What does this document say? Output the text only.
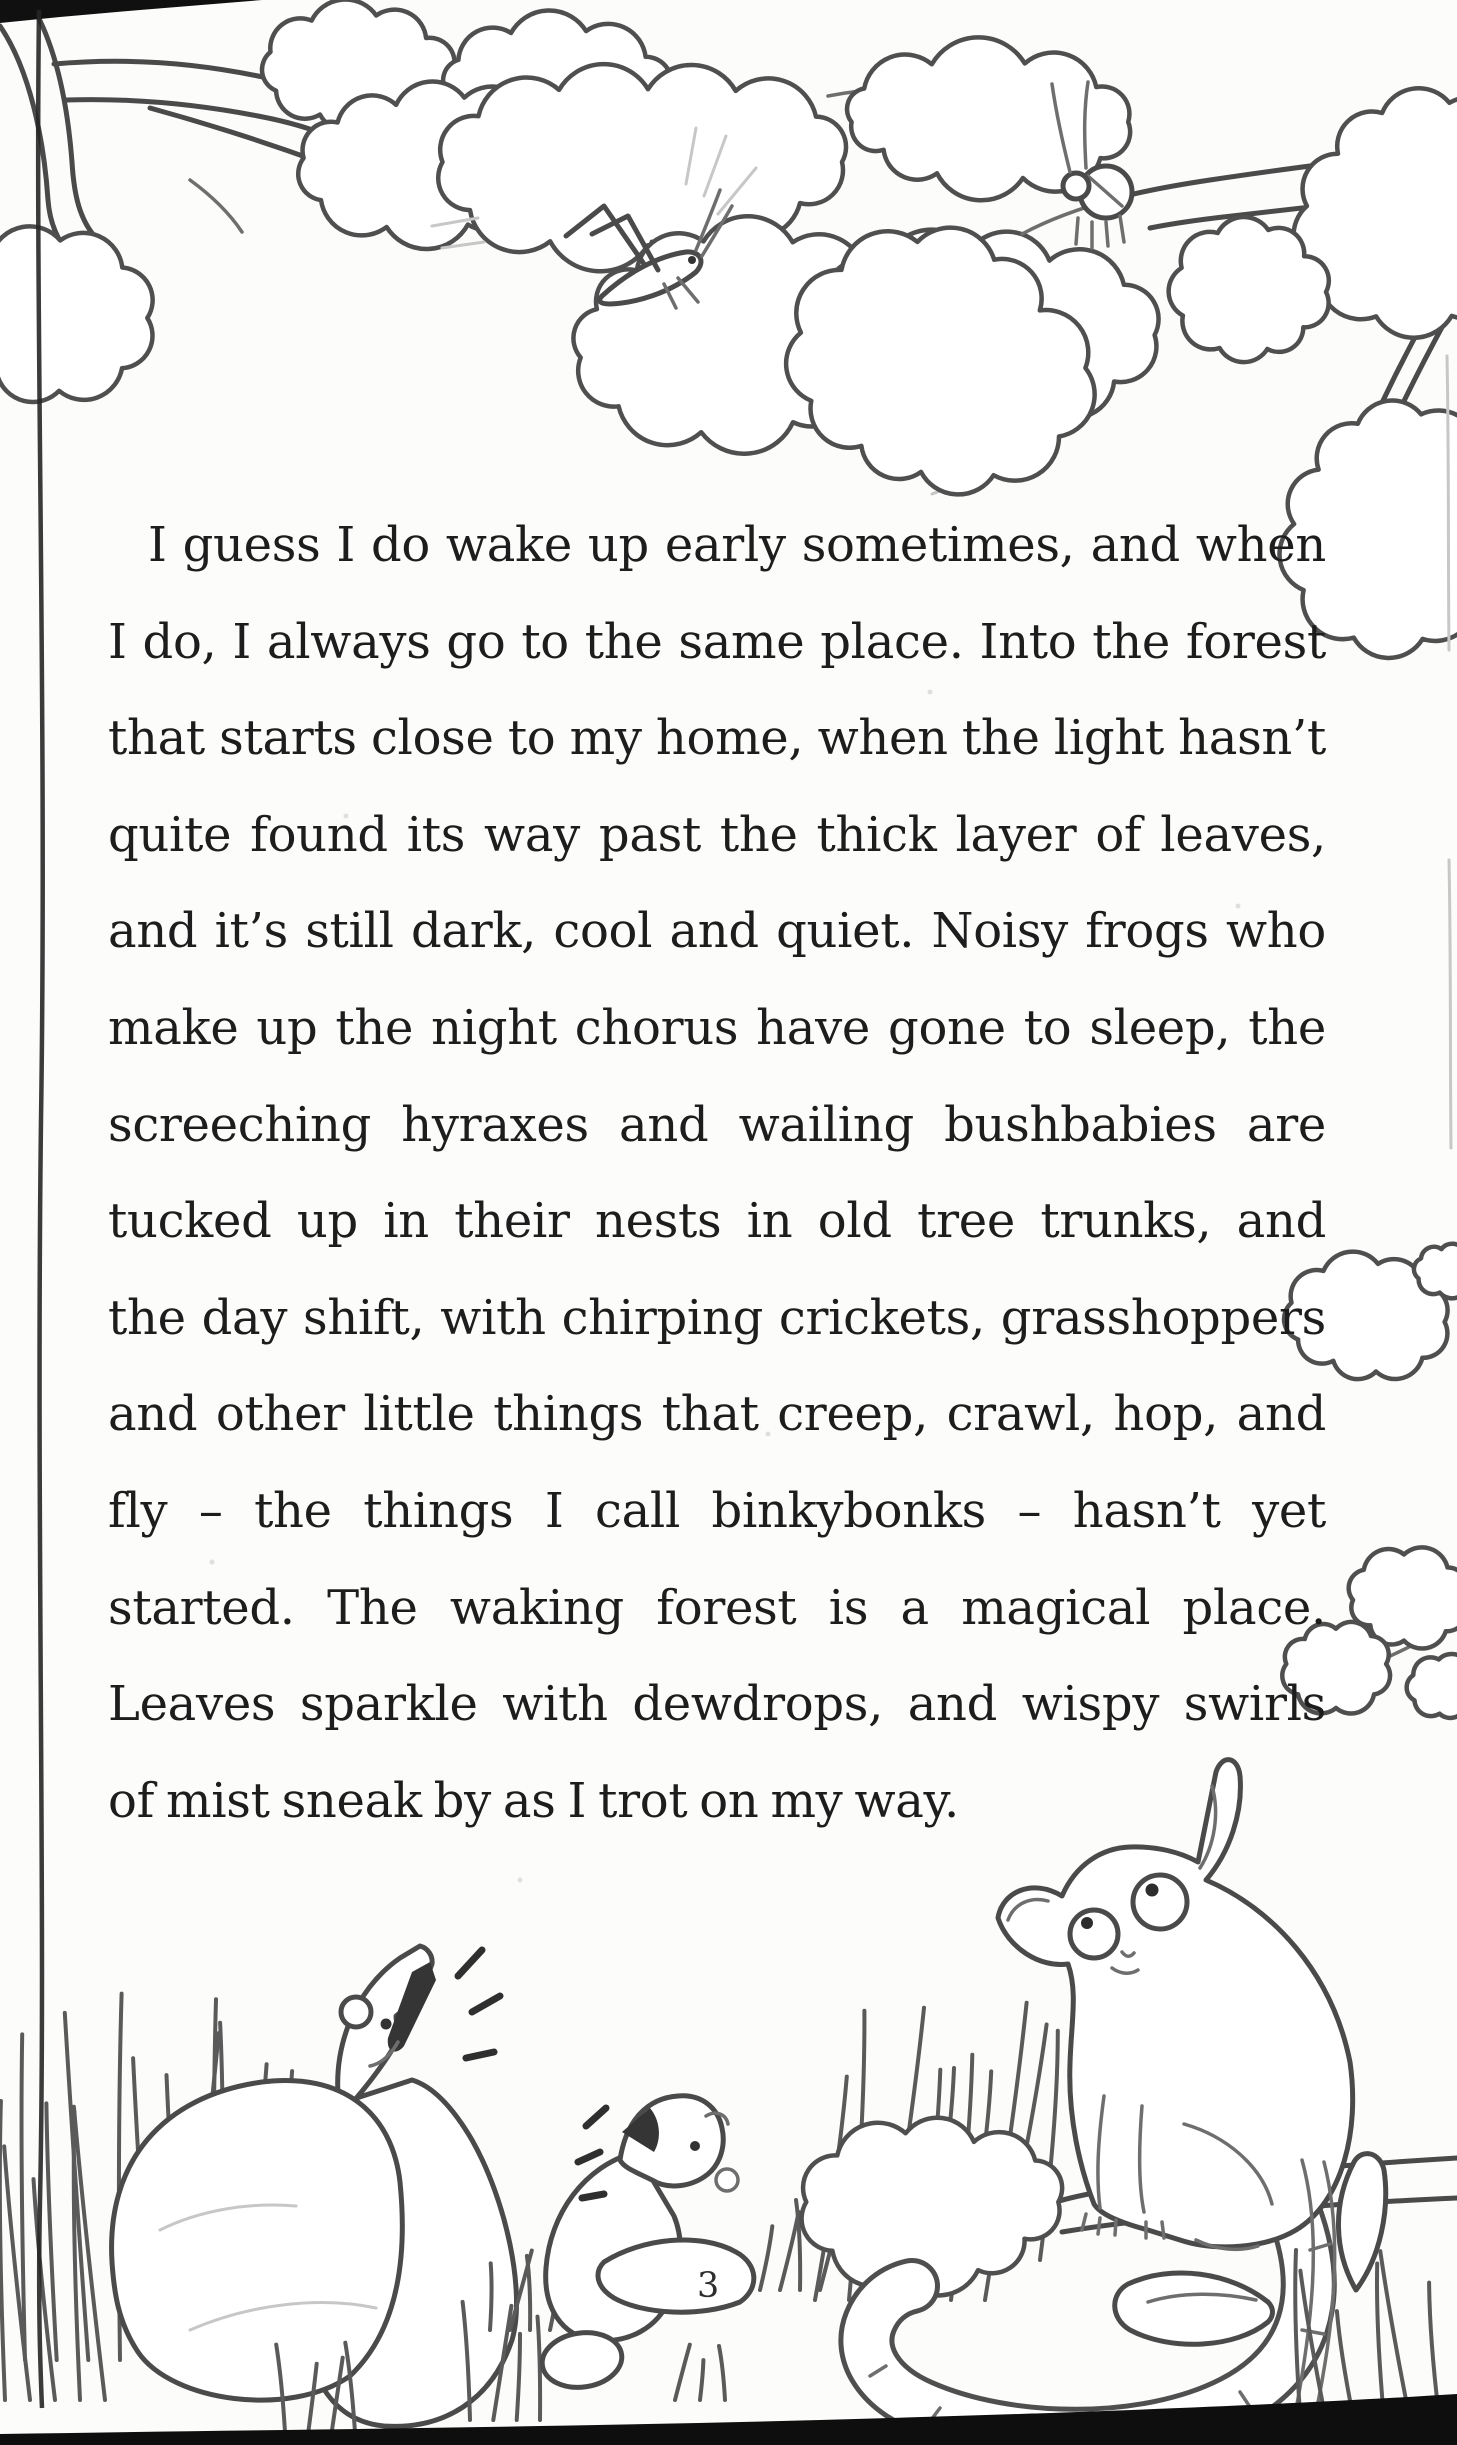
I guess I do wake up early sometimes, and when
I do, I always go to the same place. Into the forest
that starts close to my home, when the light hasn’t
quite found its way past the thick layer of leaves,
and it’s still dark, cool and quiet. Noisy frogs who
make up the night chorus have gone to sleep, the
screeching hyraxes and wailing bushbabies are
tucked up in their nests in old tree trunks, and
the day shift, with chirping crickets, grasshoppers
and other little things that creep, crawl, hop, and
fly – the things I call binkybonks – hasn’t yet
started. The waking forest is a magical place.
Leaves sparkle with dewdrops, and wispy swirls
of mist sneak by as I trot on my way.
3
